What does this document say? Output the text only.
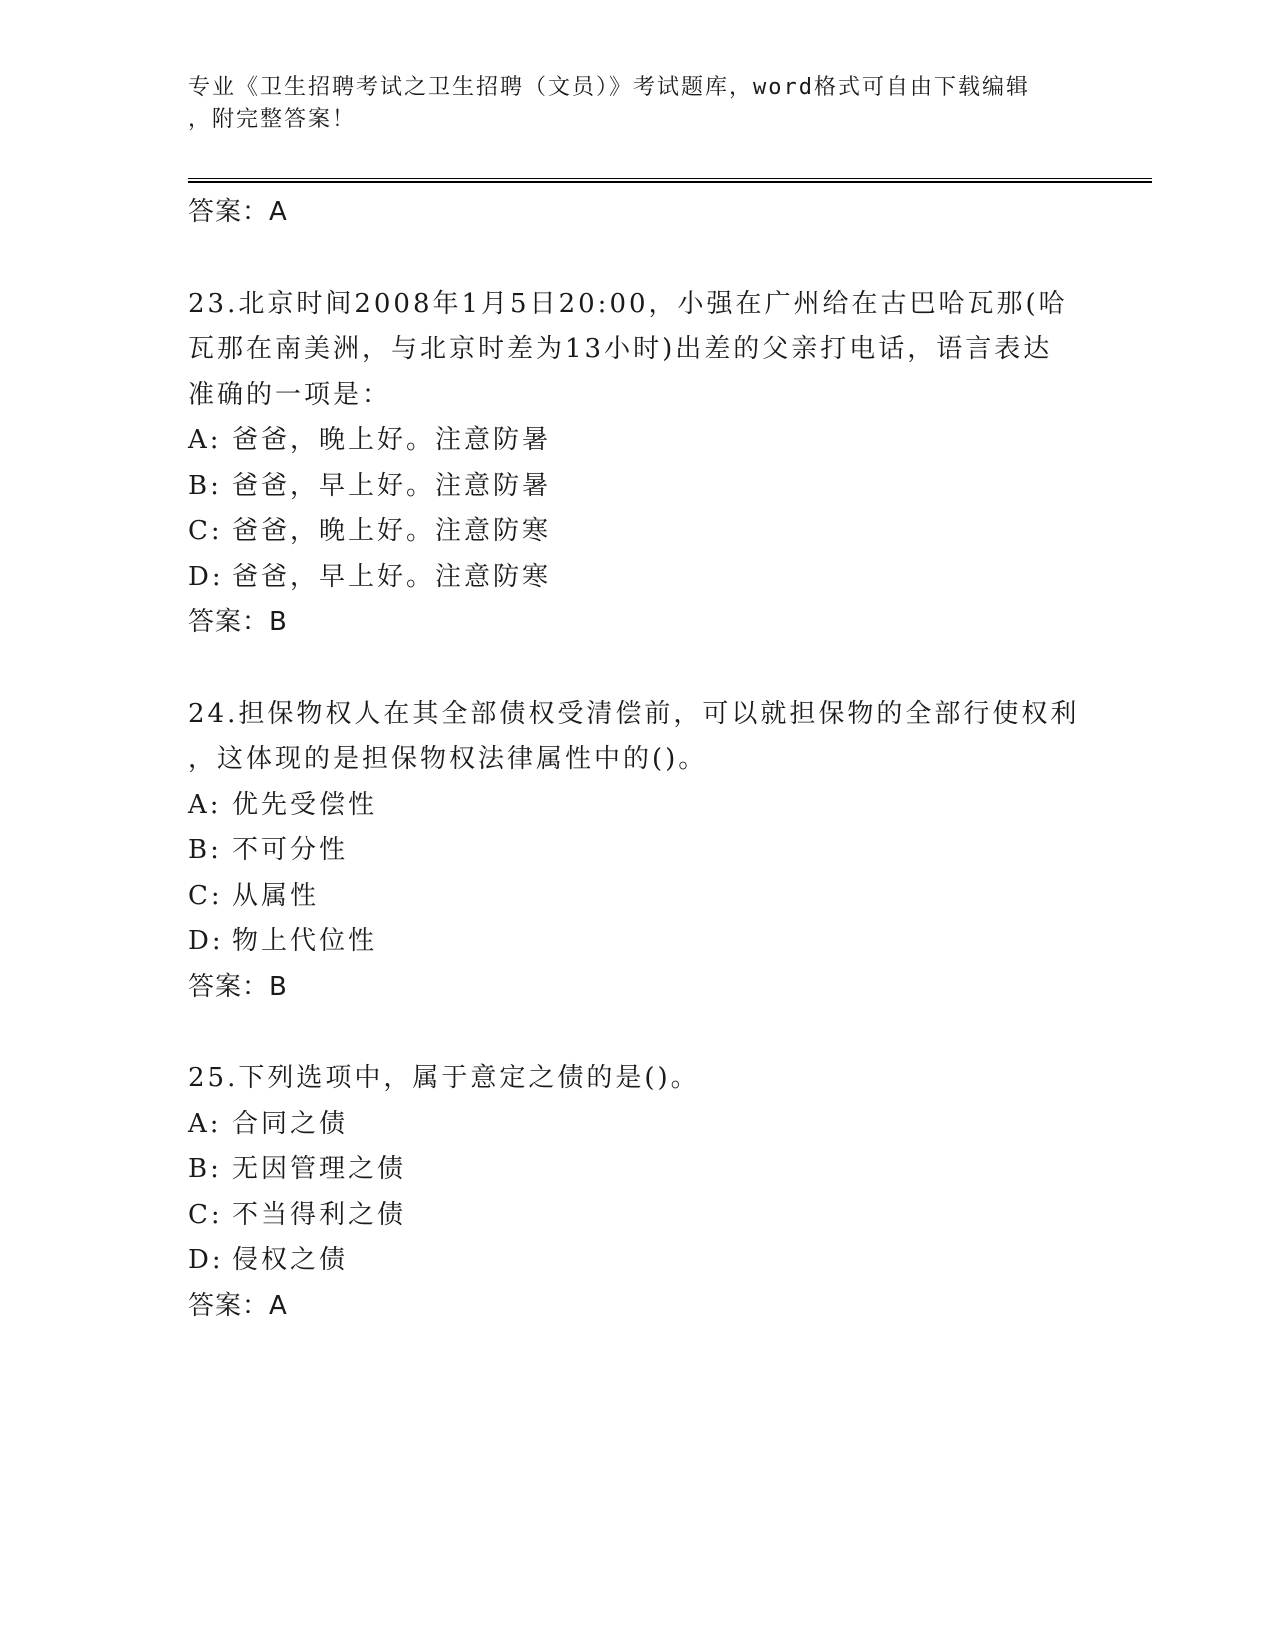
专业《卫生招聘考试之卫生招聘（文员）》考试题库，word格式可自由下载编辑
，附完整答案！

答案：A

23.北京时间2008年1月5日20:00，小强在广州给在古巴哈瓦那(哈

瓦那在南美洲，与北京时差为13小时)出差的父亲打电话，语言表达

准确的一项是：

A: 爸爸，晚上好。注意防暑

B: 爸爸，早上好。注意防暑

C: 爸爸，晚上好。注意防寒

D: 爸爸，早上好。注意防寒

答案：B

24.担保物权人在其全部债权受清偿前，可以就担保物的全部行使权利

，这体现的是担保物权法律属性中的()。

A: 优先受偿性

B: 不可分性

C: 从属性

D: 物上代位性

答案：B

25.下列选项中，属于意定之债的是()。

A: 合同之债

B: 无因管理之债

C: 不当得利之债

D: 侵权之债

答案：A
